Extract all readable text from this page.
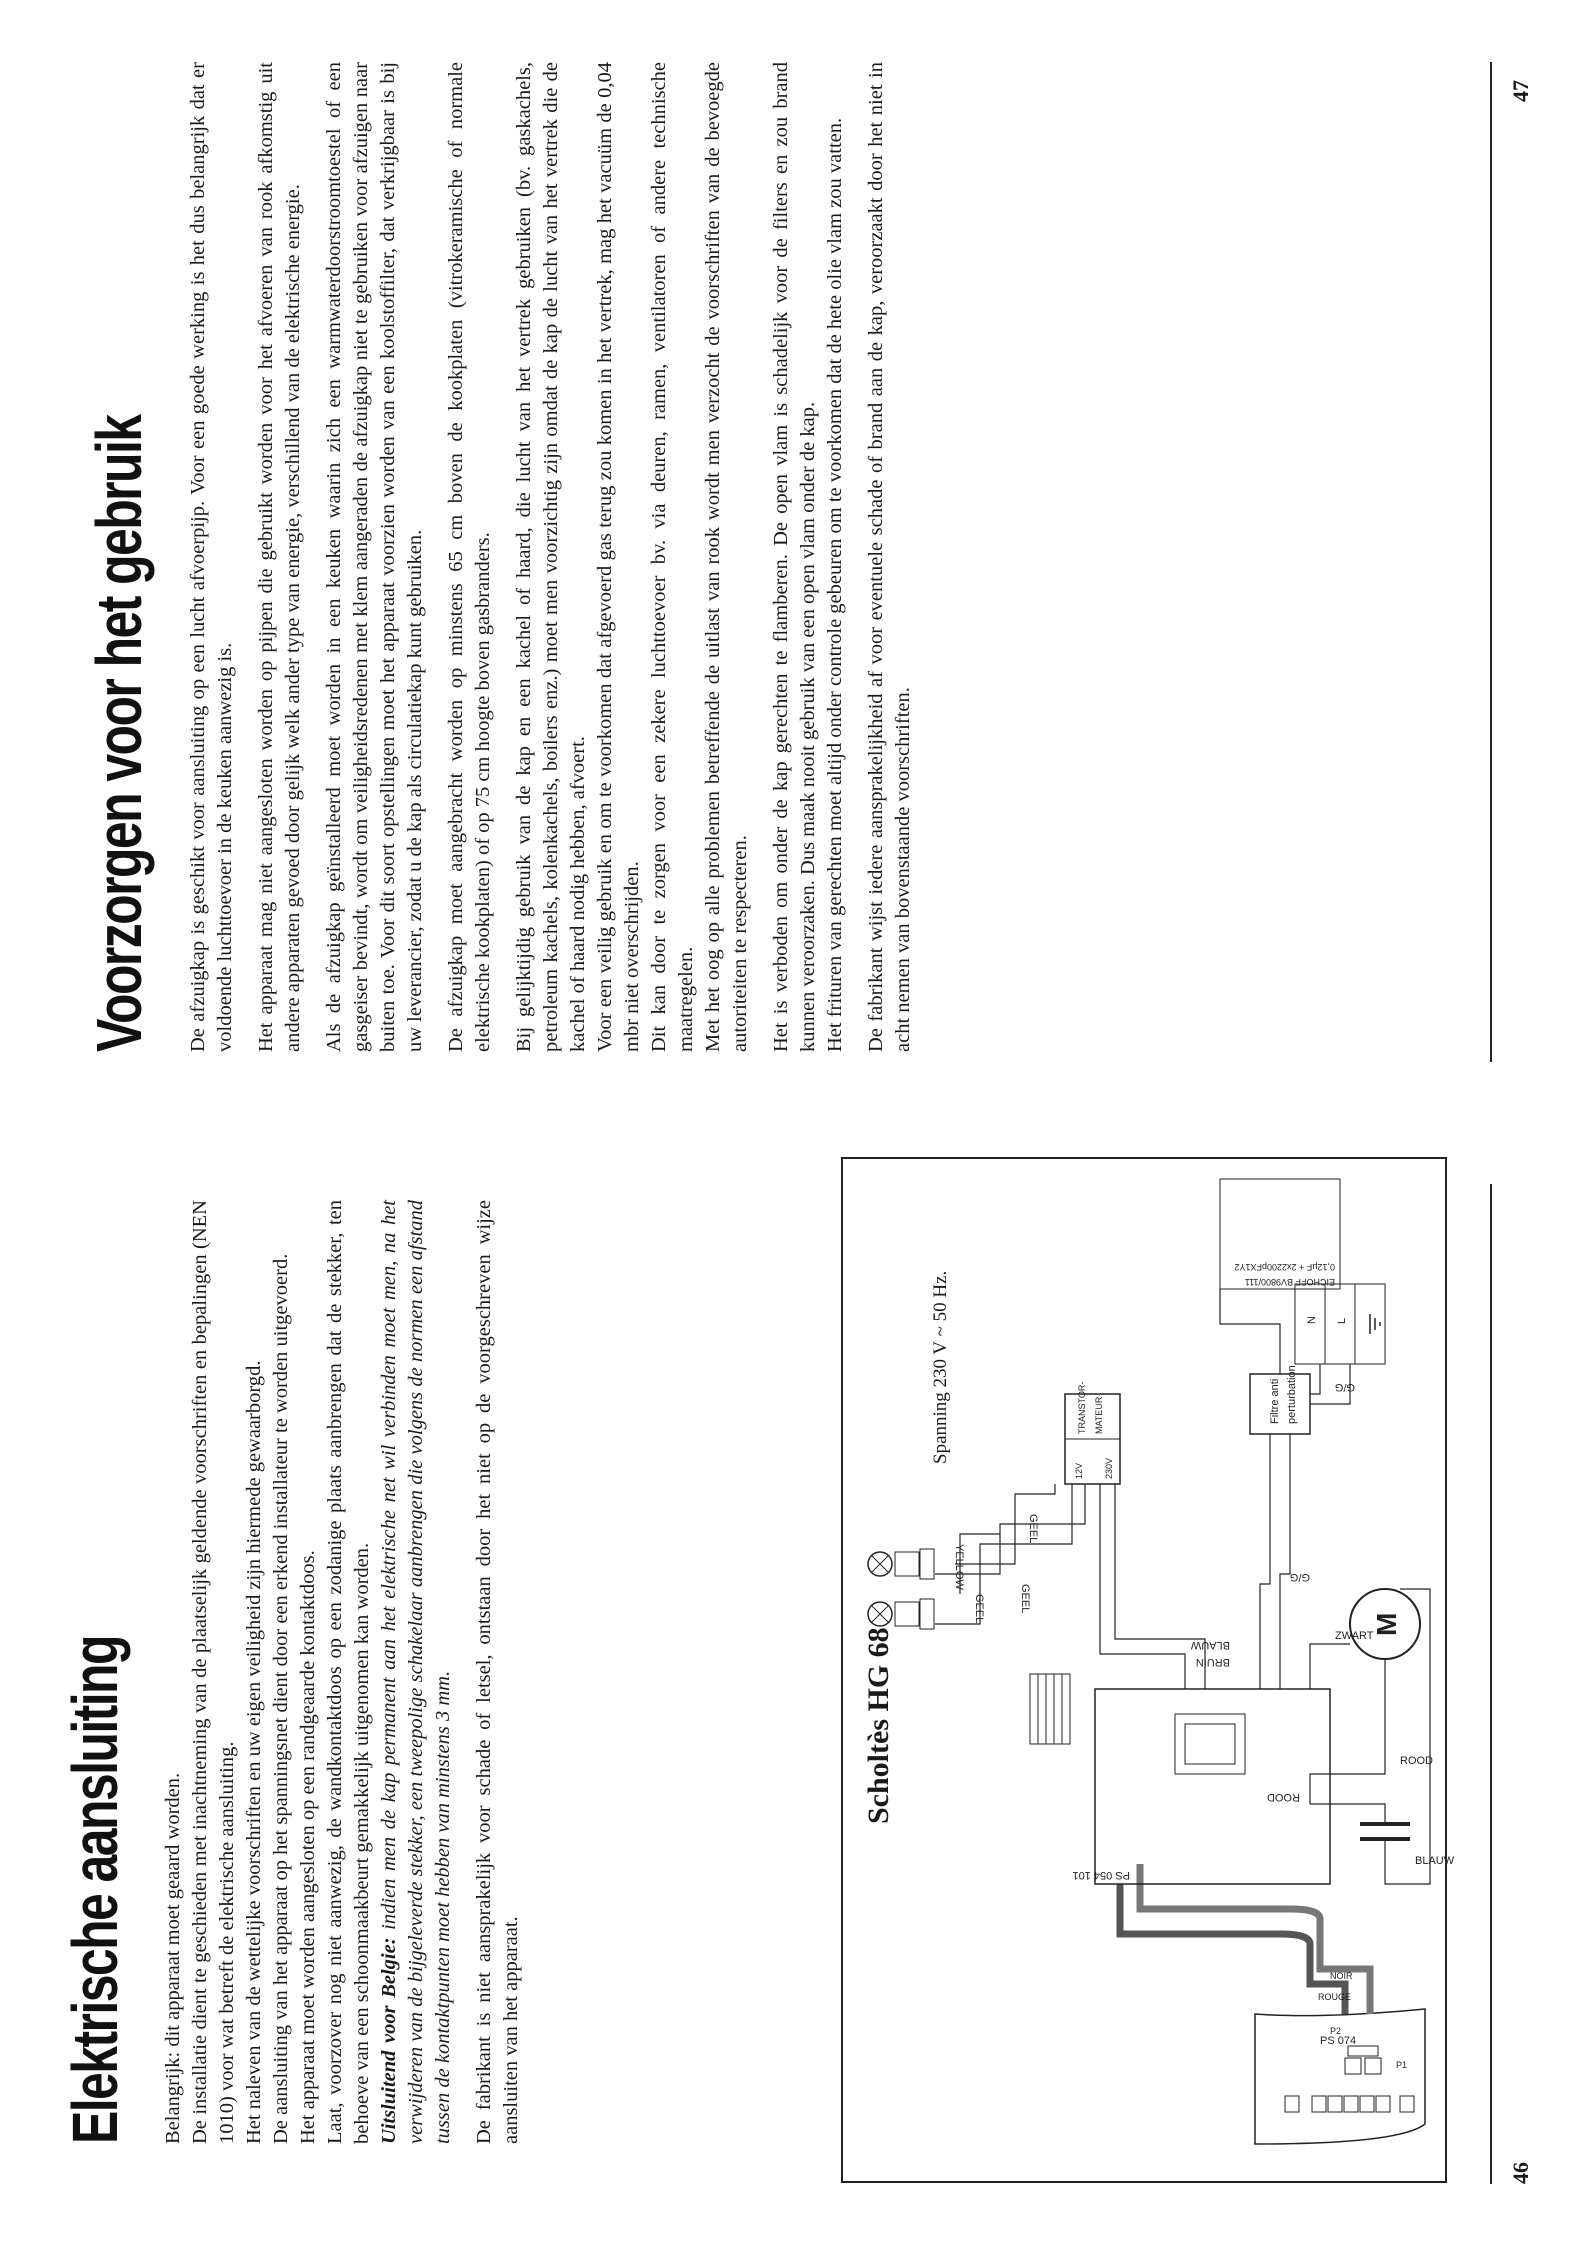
Elektrische aansluiting Belangrijk: dit apparaat moet geaard worden. De installatie dient te geschieden met inachtneming van de plaatselijk geldende voorschriften en bepalingen (NEN 1010) voor wat betreft de elektrische aansluiting. Het naleven van de wettelijke voorschriften en uw eigen veiligheid zijn hiermede gewaarborgd. De aansluiting van het apparaat op het spanningsnet dient door een erkend installateur te worden uitgevoerd. Het apparaat moet worden aangesloten op een randgeaarde kontaktdoos. Laat, voorzover nog niet aanwezig, de wandkontaktdoos op een zodanige plaats aanbrengen dat de stekker, ten behoeve van een schoonmaakbeurt gemakkelijk uitgenomen kan worden. Uitsluitend voor Belgie: indien men de kap permanent aan het elektrische net wil verbinden moet men, na het verwijderen van de bijgeleverde stekker, een tweepolige schakelaar aanbrengen die volgens de normen een afstand tussen de kontaktpunten moet hebben van minstens 3 mm. De fabrikant is niet aansprakelijk voor schade of letsel, ontstaan door het niet op de voorgeschreven wijze aansluiten van het apparaat.	PS 074
P1
P2
ROUGE
NOIR
PS 054 101
BRUIN
BLAUW
12V 230V
TRANSTOR- MATEUR
GEEL	GEEL
GEEL
YELLOW
Filtre anti perturbation
EICHOFF BV9800/111
0,12µF + 2x2200pFX1Y2
N L
G/G
G/G
M
ZWART
ROOD
ROOD
BLAUW
Scholtès HG 68
Spanning 230 V ~ 50 Hz.
46
Voorzorgen voor het gebruik De afzuigkap is geschikt voor aansluiting op een lucht afvoerpijp. Voor een goede werking is het dus belangrijk dat er voldoende luchttoevoer in de keuken aanwezig is. Het apparaat mag niet aangesloten worden op pijpen die gebruikt worden voor het afvoeren van rook afkomstig uit andere apparaten gevoed door gelijk welk ander type van energie, verschillend van de elektrische energie. Als de afzuigkap geïnstalleerd moet worden in een keuken waarin zich een warmwaterdoorstroomtoestel of een gasgeiser bevindt, wordt om veiligheidsredenen met klem aangeraden de afzuigkap niet te gebruiken voor afzuigen naar buiten toe. Voor dit soort opstellingen moet het apparaat voorzien worden van een koolstoffilter, dat verkrijgbaar is bij uw leverancier, zodat u de kap als circulatiekap kunt gebruiken. De afzuigkap moet aangebracht worden op minstens 65 cm boven de kookplaten (vitrokeramische of normale elektrische kookplaten) of op 75 cm hoogte boven gasbranders. Bij gelijktijdig gebruik van de kap en een kachel of haard, die lucht van het vertrek gebruiken (bv. gaskachels, petroleum kachels, kolenkachels, boilers enz.) moet men voorzichtig zijn omdat de kap de lucht van het vertrek die de kachel of haard nodig hebben, afvoert. Voor een veilig gebruik en om te voorkomen dat afgevoerd gas terug zou komen in het vertrek, mag het vacuüm de 0,04 mbr niet overschrijden. Dit kan door te zorgen voor een zekere luchttoevoer bv. via deuren, ramen, ventilatoren of andere technische maatregelen. Met het oog op alle problemen betreffende de uitlast van rook wordt men verzocht de voorschriften van de bevoegde autoriteiten te respecteren. Het is verboden om onder de kap gerechten te flamberen. De open vlam is schadelijk voor de filters en zou brand kunnen veroorzaken. Dus maak nooit gebruik van een open vlam onder de kap. Het frituren van gerechten moet altijd onder controle gebeuren om te voorkomen dat de hete olie vlam zou vatten. De fabrikant wijst iedere aansprakelijkheid af voor eventuele schade of brand aan de kap, veroorzaakt door het niet in acht nemen van bovenstaande voorschriften.

47
